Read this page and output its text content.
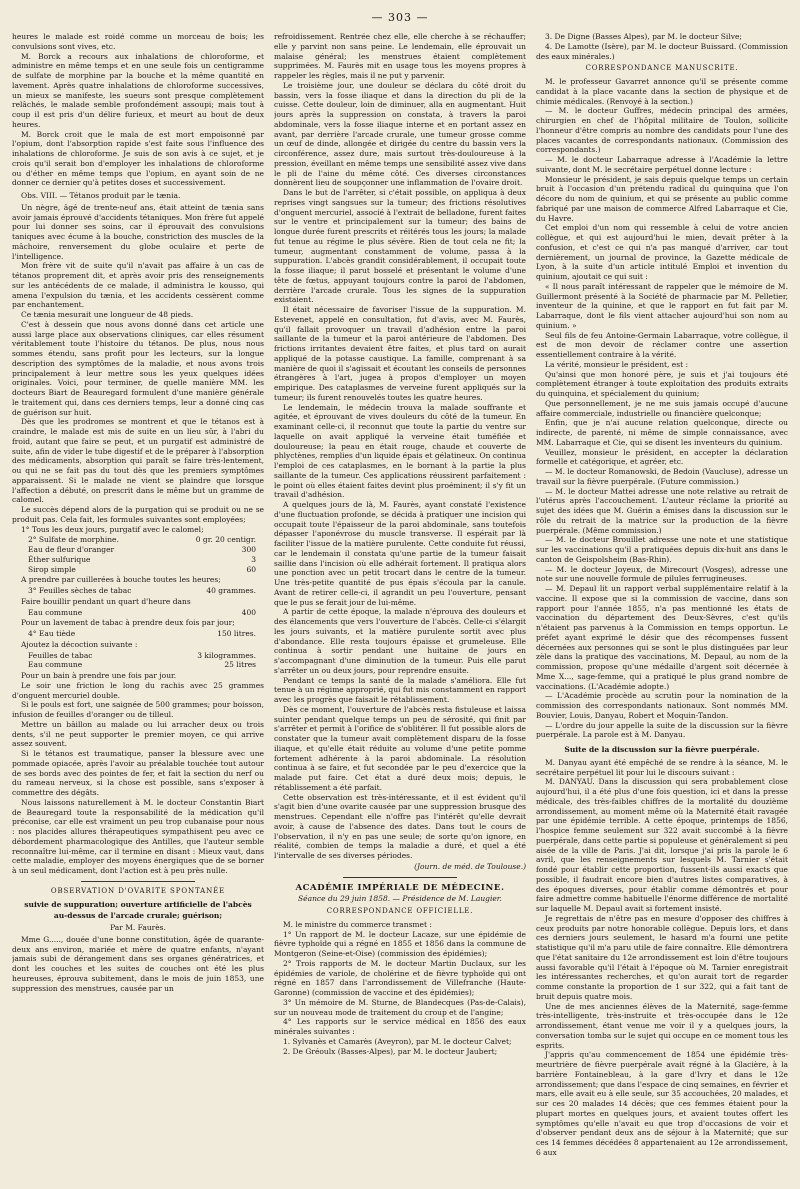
— 303 —

heures le malade est roidé comme un morceau de bois; les convulsions sont vives, etc.

M. Borck a recours aux inhalations de chloroforme, et administre en même temps et en une seule fois un centigramme de sulfate de morphine par la bouche et la même quantité en lavement. Après quatre inhalations de chloroforme successives, un mieux se manifeste, les sueurs sont presque complètement relâchés, le malade semble profondément assoupi; mais tout à coup il est pris d'un délire furieux, et meurt au bout de deux heures.

M. Borck croit que le mala de est mort empoisonné par l'opium, dont l'absorption rapide s'est faite sous l'influence des inhalations de chloroforme. Je suis de son avis à ce sujet, et je crois qu'il serait bon d'employer les inhalations de chloroforme ou d'éther en même temps que l'opium, en ayant soin de ne donner ce dernier qu'à petites doses et successivement.

Obs. VIII. — Tétanos produit par le tænia.

Un nègre, âgé de trente-neuf ans, était atteint de tænia sans avoir jamais éprouvé d'accidents tétaniques. Mon frère fut appelé pour lui donner ses soins, car il éprouvait des convulsions taniques avec écume à la bouche, constriction des muscles de la mâchoire, renversement du globe oculaire et perte de l'intelligence.

Mon frère vit de suite qu'il n'avait pas affaire à un cas de tétanos proprement dit, et après avoir pris des renseignements sur les antécédents de ce malade, il administra le kousso, qui amena l'expulsion du tænia, et les accidents cessèrent comme par enchantement.

Ce tænia mesurait une longueur de 48 pieds.

C'est à dessein que nous avons donné dans cet article une aussi large place aux observations cliniques, car elles résument véritablement toute l'histoire du tétanos. De plus, nous nous sommes étendu, sans profit pour les lecteurs, sur la longue description des symptômes de la maladie, et nous avons trois principalement à leur mettre sous les yeux quelques idées originales. Voici, pour terminer, de quelle manière MM. les docteurs Biart de Beauregard formulent d'une manière générale le traitement qui, dans ces derniers temps, leur a donné cinq cas de guérison sur huit.

Dès que les prodromes se montrent et que le tétanos est à craindre, le malade est mis de suite en un lieu sûr, à l'abri du froid, autant que faire se peut, et un purgatif est administré de suite, afin de vider le tube digestif et de le préparer à l'absorption des médicaments, absorption qui paraît se faire très-lentement, ou qui ne se fait pas du tout dès que les premiers symptômes apparaissent. Si le malade ne vient se plaindre que lorsque l'affection a débuté, on prescrit dans le même but un gramme de calomel.

Le succès dépend alors de la purgation qui se produit ou ne se produit pas. Cela fait, les formules suivantes sont employées;

1° Tous les deux jours, purgatif avec le calomel;

2° Sulfate de morphine.	0 gr. 20 centigr.
Eau de fleur d'oranger	300
Éther sulfurique	3
Sirop simple	60

A prendre par cuillerées à bouche toutes les heures;

3° Feuilles sèches de tabac	40 grammes.

Faire bouillir pendant un quart d'heure dans

Eau commune	400

Pour un lavement de tabac à prendre deux fois par jour;

4° Eau tiède	150 litres.

Ajoutez la décoction suivante :

Feuilles de tabac	3 kilogrammes.
Eau commune	25 litres

Pour un bain à prendre une fois par jour.

Le soir une friction le long du rachis avec 25 grammes d'onguent mercuriel double.

Si le pouls est fort, une saignée de 500 grammes; pour boisson, infusion de feuilles d'oranger ou de tilleul.

Mettre un bâillon au malade ou lui arracher deux ou trois dents, s'il ne peut supporter le premier moyen, ce qui arrive assez souvent.

Si le tétanos est traumatique, panser la blessure avec une pommade opiacée, après l'avoir au préalable touchée tout autour de ses bords avec des pointes de fer, et fait la section du nerf ou du rameau nerveux, si la chose est possible, sans s'exposer à commettre des dégâts.

Nous laissons naturellement à M. le docteur Constantin Biart de Beauregard toute la responsabilité de la médication qu'il préconise, car elle est vraiment un peu trop cubanaise pour nous : nos placides allures thérapeutiques sympathisent peu avec ce débordement pharmacologique des Antilles, que l'auteur semble reconnaître lui-même, car il termine en disant : Mieux vaut, dans cette maladie, employer des moyens énergiques que de se borner à un seul médicament, dont l'action est à peu près nulle.

OBSERVATION D'OVARITE SPONTANÉE
suivie de suppuration; ouverture artificielle de l'abcès
au-dessus de l'arcade crurale; guérison;
Par M. Faurès.

Mme G....., douée d'une bonne constitution, âgée de quarante-deux ans environ, mariée et mère de quatre enfants, n'ayant jamais subi de dérangement dans ses organes génératrices, et dont les couches et les suites de couches ont été les plus heureuses, éprouva subitement, dans le mois de juin 1853, une suppression des menstrues, causée par un

refroidissement. Rentrée chez elle, elle cherche à se réchauffer; elle y parvint non sans peine. Le lendemain, elle éprouvait un malaise général; les menstrues étaient complètement supprimées. M. Faurès mit en usage tous les moyens propres à rappeler les règles, mais il ne put y parvenir.

Le troisième jour, une douleur se déclara du côté droit du bassin, vers la fosse iliaque et dans la direction du pli de la cuisse. Cette douleur, loin de diminuer, alla en augmentant. Huit jours après la suppression on constata, à travers la paroi abdominale, vers la fosse iliaque interne et en portant assez en avant, par derrière l'arcade crurale, une tumeur grosse comme un œuf de dinde, allongée et dirigée du centre du bassin vers la circonférence, assez dure, mais surtout très-douloureuse à la pression, éveillant en même temps une sensibilité assez vive dans le pli de l'aine du même côté. Ces diverses circonstances donnèrent lieu de soupçonner une inflammation de l'ovaire droit.

Dans le but de l'arrêter, si c'était possible, on appliqua à deux reprises vingt sangsues sur la tumeur; des frictions résolutives d'onguent mercuriel, associé à l'extrait de belladone, furent faites sur le ventre et principalement sur la tumeur; des bains de longue durée furent prescrits et réitérés tous les jours; la malade fut tenue au régime le plus sévère. Rien de tout cela ne fit; la tumeur, augmentant constamment de volume, passa à la suppuration. L'abcès grandit considérablement, il occupait toute la fosse iliaque; il parut bosselé et présentant le volume d'une tête de fœtus, appuyant toujours contre la paroi de l'abdomen, derrière l'arcade crurale. Tous les signes de la suppuration existaient.

Il était nécessaire de favoriser l'issue de la suppuration. M. Estevenet, appelé en consultation, fut d'avis, avec M. Faurès, qu'il fallait provoquer un travail d'adhésion entre la paroi saillante de la tumeur et la paroi antérieure de l'abdomen. Des frictions irritantes devaient être faites, et plus tard on aurait appliqué de la potasse caustique. La famille, comprenant à sa manière de quoi il s'agissait et écoutant les conseils de personnes étrangères à l'art, jugea à propos d'employer un moyen empirique. Des cataplasmes de verveine furent appliqués sur la tumeur; ils furent renouvelés toutes les quatre heures.

Le lendemain, le médecin trouva la malade souffrante et agitée, et éprouvant de vives douleurs du côté de la tumeur. En examinant celle-ci, il reconnut que toute la partie du ventre sur laquelle on avait appliqué la verveine était tuméfiée et douloureuse; la peau en était rouge, chaude et couverte de phlyctènes, remplies d'un liquide épais et gélatineux. On continua l'emploi de ces cataplasmes, en le bornant à la partie la plus saillante de la tumeur. Ces applications réussirent parfaitement : le point où elles étaient faites devint plus proéminent; il s'y fit un travail d'adhésion.

A quelques jours de là, M. Faurès, ayant constaté l'existence d'une fluctuation profonde, se décida à pratiquer une incision qui occupait toute l'épaisseur de la paroi abdominale, sans toutefois dépasser l'aponévrose du muscle transverse. Il espérait par là faciliter l'issue de la matière purulente. Cette conduite fut réussi, car le lendemain il constata qu'une partie de la tumeur faisait saillie dans l'incision où elle adhérait fortement. Il pratiqua alors une ponction avec un petit trocart dans le centre de la tumeur. Une très-petite quantité de pus épais s'écoula par la canule. Avant de retirer celle-ci, il agrandit un peu l'ouverture, pensant que le pus se ferait jour de lui-même.

A partir de cette époque, la malade n'éprouva des douleurs et des élancements que vers l'ouverture de l'abcès. Celle-ci s'élargit les jours suivants, et la matière purulente sortit avec plus d'abondance. Elle resta toujours épaisse et grumeleuse. Elle continua à sortir pendant une huitaine de jours en s'accompagnant d'une diminution de la tumeur. Puis elle parut s'arrêter un ou deux jours, pour reprendre ensuite.

Pendant ce temps la santé de la malade s'améliora. Elle fut tenue à un régime approprié, qui fut mis constamment en rapport avec les progrès que faisait le rétablissement.

Dès ce moment, l'ouverture de l'abcès resta fistuleuse et laissa suinter pendant quelque temps un peu de sérosité, qui finit par s'arrêter et permit à l'orifice de s'oblitérer. Il fut possible alors de constater que la tumeur avait complètement disparu de la fosse iliaque, et qu'elle était réduite au volume d'une petite pomme fortement adhérente à la paroi abdominale. La résolution continua à se faire, et fut secondée par le peu d'exercice que la malade put faire. Cet état a duré deux mois; depuis, le rétablissement a été parfait.

Cette observation est très-intéressante, et il est évident qu'il s'agit bien d'une ovarite causée par une suppression brusque des menstrues. Cependant elle n'offre pas l'intérêt qu'elle devrait avoir, à cause de l'absence des dates. Dans tout le cours de l'observation, il n'y en pas une seule; de sorte qu'on ignore, en réalité, combien de temps la maladie a duré, et quel a été l'intervalle de ses diverses périodes.

(Journ. de méd. de Toulouse.)
ACADÉMIE IMPÉRIALE DE MÉDECINE.
Séance du 29 juin 1858. — Présidence de M. Laugier.
CORRESPONDANCE OFFICIELLE.

M. le ministre du commerce transmet :

1° Un rapport de M. le docteur Lacaze, sur une épidémie de fièvre typhoïde qui a régné en 1855 et 1856 dans la commune de Montgeron (Seine-et-Oise) (commission des épidémies);

2° Trois rapports de M. le docteur Martin Duclaux, sur les épidémies de variole, de cholérine et de fièvre typhoïde qui ont régné en 1857 dans l'arrondissement de Villefranche (Haute-Garonne) (commission de vaccine et des épidémies);

3° Un mémoire de M. Sturne, de Blandecques (Pas-de-Calais), sur un nouveau mode de traitement du croup et de l'angine;

4° Les rapports sur le service médical en 1856 des eaux minérales suivantes :

1. Sylvanès et Camarès (Aveyron), par M. le docteur Calvet;

2. De Gréoulx (Basses-Alpes), par M. le docteur Jaubert;

3. De Digne (Basses Alpes), par M. le docteur Silve;

4. De Lamotte (Isère), par M. le docteur Buissard. (Commission des eaux minérales.)

CORRESPONDANCE MANUSCRITE.

M. le professeur Gavarret annonce qu'il se présente comme candidat à la place vacante dans la section de physique et de chimie médicales. (Renvoyé à la section.)

— M. le docteur Guffres, médecin principal des armées, chirurgien en chef de l'hôpital militaire de Toulon, sollicite l'honneur d'être compris au nombre des candidats pour l'une des places vacantes de correspondants nationaux. (Commission des correspondants.)

— M. le docteur Labarraque adresse à l'Académie la lettre suivante, dont M. le secrétaire perpétuel donne lecture :

Monsieur le président, je sais depuis quelque temps un certain bruit à l'occasion d'un prétendu radical du quinquina que l'on décore du nom de quinium, et qui se présente au public comme fabriqué par une maison de commerce Alfred Labarraque et Cie, du Havre.

Cet emploi d'un nom qui ressemble à celui de votre ancien collègue, et qui est aujourd'hui le mien, devait prêter à la confusion, et c'est ce qui n'a pas manqué d'arriver, car tout dernièrement, un journal de province, la Gazette médicale de Lyon, à la suite d'un article intitulé Emploi et invention du quinium, ajoutait ce qui suit :

« Il nous paraît intéressant de rappeler que le mémoire de M. Guillermont présenté à la Société de pharmacie par M. Pelletier, inventeur de la quinine, et que le rapport en fut fait par M. Labarraque, dont le fils vient attacher aujourd'hui son nom au quinium. »

Seul fils de feu Antoine-Germain Labarraque, votre collègue, il est de mon devoir de réclamer contre une assertion essentiellement contraire à la vérité.

La vérité, monsieur le président, est :

Qu'ainsi que mon honoré père, je suis et j'ai toujours été complètement étranger à toute exploitation des produits extraits du quinquina, et spécialement du quinium;

Que personnellement, je ne me suis jamais occupé d'aucune affaire commerciale, industrielle ou financière quelconque;

Enfin, que je n'ai aucune relation quelconque, directe ou indirecte, de parenté, ni même de simple connaissance, avec MM. Labarraque et Cie, qui se disent les inventeurs du quinium.

Veuillez, monsieur le président, en accepter la déclaration formelle et catégorique, et agréer, etc.

— M. le docteur Romanowski, de Bedoin (Vaucluse), adresse un travail sur la fièvre puerpérale. (Future commission.)

— M. le docteur Mattei adresse une note relative au retrait de l'utérus après l'accouchement. L'auteur réclame la priorité au sujet des idées que M. Guérin a émises dans la discussion sur le rôle du retrait de la matrice sur la production de la fièvre puerpérale. (Même commission.)

— M. le docteur Brouillet adresse une note et une statistique sur les vaccinations qu'il a pratiquées depuis dix-huit ans dans le canton de Geispolsheim (Bas-Rhin).

— M. le docteur Joyeux, de Mirecourt (Vosges), adresse une note sur une nouvelle formule de pilules ferrugineuses.

— M. Depaul lit un rapport verbal supplémentaire relatif à la vaccine. Il expose que si la commission de vaccine, dans son rapport pour l'année 1855, n'a pas mentionné les états de vaccination du département des Deux-Sèvres, c'est qu'ils n'étaient pas parvenus à la Commission en temps opportun. Le préfet ayant exprimé le désir que des récompenses fussent décernées aux personnes qui se sont le plus distinguées par leur zèle dans la pratique des vaccinations, M. Depaul, au nom de la commission, propose qu'une médaille d'argent soit décernée à Mme X..., sage-femme, qui a pratiqué le plus grand nombre de vaccinations. (L'Académie adopte.)

— L'Académie procède au scrutin pour la nomination de la commission des correspondants nationaux. Sont nommés MM. Bouvier, Louis, Danyau, Robert et Moquin-Tandon.

— L'ordre du jour appelle la suite de la discussion sur la fièvre puerpérale. La parole est à M. Danyau.

Suite de la discussion sur la fièvre puerpérale.

M. Danyau ayant été empêché de se rendre à la séance, M. le secrétaire perpétuel lit pour lui le discours suivant :

M. DANYAU. Dans la discussion qui sera probablement close aujourd'hui, il a été plus d'une fois question, ici et dans la presse médicale, des très-faibles chiffres de la mortalité du douzième arrondissement, au moment même où la Maternité était ravagée par une épidémie terrible. A cette époque, printemps de 1856, l'hospice femme seulement sur 322 avait succombé à la fièvre puerpérale, dans cette partie si populeuse et généralement si peu aisée de la ville de Paris. J'ai dit, lorsque j'ai pris la parole le 6 avril, que les renseignements sur lesquels M. Tarnier s'était fondé pour établir cette proportion, fussent-ils aussi exacts que possible, il faudrait encore bien d'autres listes comparatives, à des époques diverses, pour établir comme démontrés et pour faire admettre comme habituelle l'énorme différence de mortalité sur laquelle M. Depaul avait si fortement insisté.

Je regrettais de n'être pas en mesure d'opposer des chiffres à ceux produits par notre honorable collègue. Depuis lors, et dans ces derniers jours seulement, le hasard m'a fourni une petite statistique qu'il m'a paru utile de faire connaître. Elle démontrera que l'état sanitaire du 12e arrondissement est loin d'être toujours aussi favorable qu'il l'était à l'époque où M. Tarnier enregistrait les intéressantes recherches, et qu'on aurait tort de regarder comme constante la proportion de 1 sur 322, qui a fait tant de bruit depuis quatre mois.

Une de mes anciennes élèves de la Maternité, sage-femme très-intelligente, très-instruite et très-occupée dans le 12e arrondissement, étant venue me voir il y a quelques jours, la conversation tomba sur le sujet qui occupe en ce moment tous les esprits.

J'appris qu'au commencement de 1854 une épidémie très-meurtrière de fièvre puerpérale avait régné à la Glacière, à la barrière Fontainebleau, à la gare d'Ivry et dans le 12e arrondissement; que dans l'espace de cinq semaines, en février et mars, elle avait eu à elle seule, sur 35 accouchées, 20 malades, et sur ces 20 malades 14 décès; que ces femmes étaient pour la plupart mortes en quelques jours, et avaient toutes offert les symptômes qu'elle n'avait eu que trop d'occasions de voir et d'observer pendant deux ans de séjour à la Maternité; que sur ces 14 femmes décédées 8 appartenaient au 12e arrondissement, 6 aux
